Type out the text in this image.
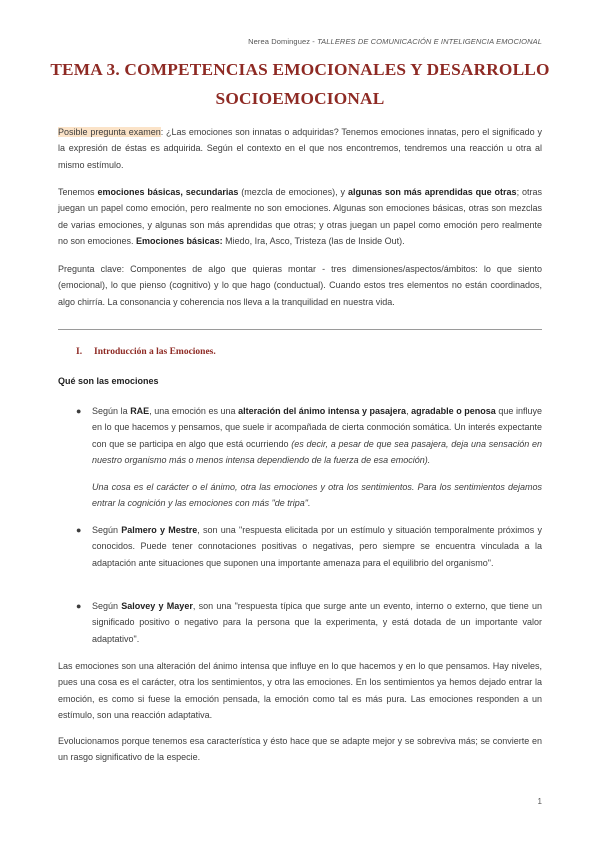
Nerea Dominguez - TALLERES DE COMUNICACIÓN E INTELIGENCIA EMOCIONAL
TEMA 3. COMPETENCIAS EMOCIONALES Y DESARROLLO
SOCIOEMOCIONAL
Posible pregunta examen: ¿Las emociones son innatas o adquiridas? Tenemos emociones innatas, pero el significado y la expresión de éstas es adquirida. Según el contexto en el que nos encontremos, tendremos una reacción u otra al mismo estímulo.
Tenemos emociones básicas, secundarias (mezcla de emociones), y algunas son más aprendidas que otras; otras juegan un papel como emoción, pero realmente no son emociones. Algunas son emociones básicas, otras son mezclas de varias emociones, y algunas son más aprendidas que otras; y otras juegan un papel como emoción pero realmente no son emociones. Emociones básicas: Miedo, Ira, Asco, Tristeza (las de Inside Out).
Pregunta clave: Componentes de algo que quieras montar - tres dimensiones/aspectos/ámbitos: lo que siento (emocional), lo que pienso (cognitivo) y lo que hago (conductual). Cuando estos tres elementos no están coordinados, algo chirría. La consonancia y coherencia nos lleva a la tranquilidad en nuestra vida.
I. Introducción a las Emociones.
Qué son las emociones
● Según la RAE, una emoción es una alteración del ánimo intensa y pasajera, agradable o penosa que influye en lo que hacemos y pensamos, que suele ir acompañada de cierta conmoción somática. Un interés expectante con que se participa en algo que está ocurriendo (es decir, a pesar de que sea pasajera, deja una sensación en nuestro organismo más o menos intensa dependiendo de la fuerza de esa emoción).
Una cosa es el carácter o el ánimo, otra las emociones y otra los sentimientos. Para los sentimientos dejamos entrar la cognición y las emociones con más "de tripa".
● Según Palmero y Mestre, son una "respuesta elicitada por un estímulo y situación temporalmente próximos y conocidos. Puede tener connotaciones positivas o negativas, pero siempre se encuentra vinculada a la adaptación ante situaciones que suponen una importante amenaza para el equilibrio del organismo".
● Según Salovey y Mayer, son una "respuesta típica que surge ante un evento, interno o externo, que tiene un significado positivo o negativo para la persona que la experimenta, y está dotada de un importante valor adaptativo".
Las emociones son una alteración del ánimo intensa que influye en lo que hacemos y en lo que pensamos. Hay niveles, pues una cosa es el carácter, otra los sentimientos, y otra las emociones. En los sentimientos ya hemos dejado entrar la emoción, es como si fuese la emoción pensada, la emoción como tal es más pura. Las emociones responden a un estímulo, son una reacción adaptativa.
Evolucionamos porque tenemos esa característica y ésto hace que se adapte mejor y se sobreviva más; se convierte en un rasgo significativo de la especie.
1
